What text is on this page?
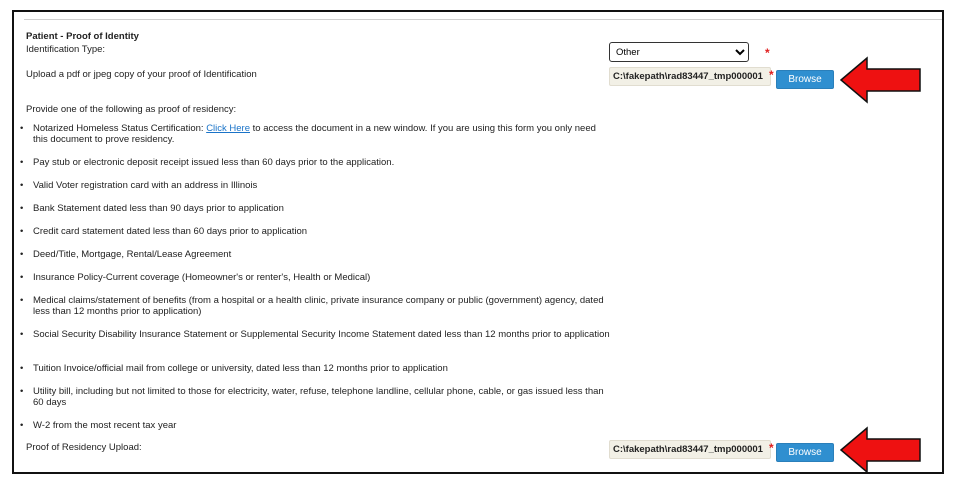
Patient - Proof of Identity
Identification Type:
Other	*
Upload a pdf or jpeg copy of your proof of Identification	C:\fakepath\rad83447_tmp000001 *	Browse
Provide one of the following as proof of residency:
• Notarized Homeless Status Certification: Click Here to access the document in a new window. If you are using this form you only need this document to prove residency.
• Pay stub or electronic deposit receipt issued less than 60 days prior to the application.
• Valid Voter registration card with an address in Illinois
• Bank Statement dated less than 90 days prior to application
• Credit card statement dated less than 60 days prior to application
• Deed/Title, Mortgage, Rental/Lease Agreement
• Insurance Policy-Current coverage (Homeowner's or renter's, Health or Medical)
• Medical claims/statement of benefits (from a hospital or a health clinic, private insurance company or public (government) agency, dated less than 12 months prior to application)
• Social Security Disability Insurance Statement or Supplemental Security Income Statement dated less than 12 months prior to application
• Tuition Invoice/official mail from college or university, dated less than 12 months prior to application
• Utility bill, including but not limited to those for electricity, water, refuse, telephone landline, cellular phone, cable, or gas issued less than 60 days
• W-2 from the most recent tax year
Proof of Residency Upload:	C:\fakepath\rad83447_tmp000001 *	Browse
